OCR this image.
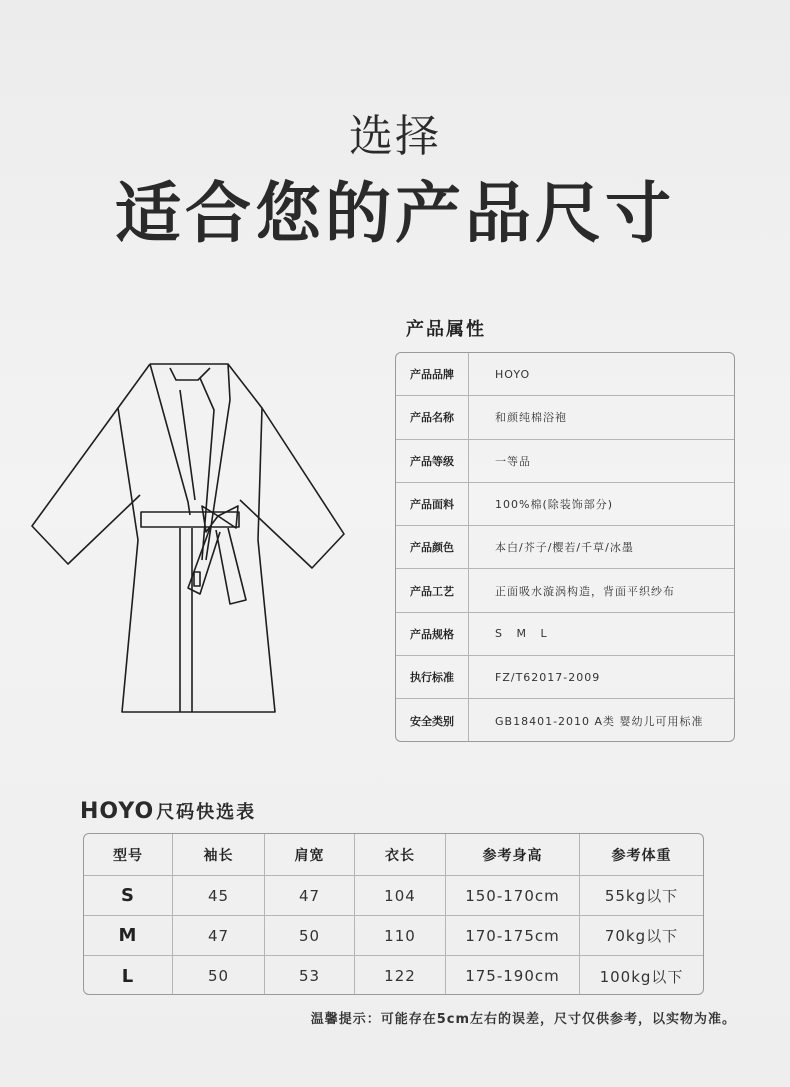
选择
适合您的产品尺寸
产品属性
产品品牌	HOYO
产品名称	和颜纯棉浴袍
产品等级	一等品
产品面料	100%棉(除装饰部分)
产品颜色	本白/芥子/樱若/千草/冰墨
产品工艺	正面吸水漩涡构造，背面平织纱布
产品规格	S   M   L
执行标准	FZ/T62017-2009
安全类别	GB18401-2010 A类 婴幼儿可用标准
HOYO 尺码快选表
型号	袖长	肩宽	衣长	参考身高	参考体重
S	45	47	104	150-170cm	55kg以下
M	47	50	110	170-175cm	70kg以下
L	50	53	122	175-190cm	100kg以下
温馨提示：可能存在5cm左右的误差，尺寸仅供参考，以实物为准。
